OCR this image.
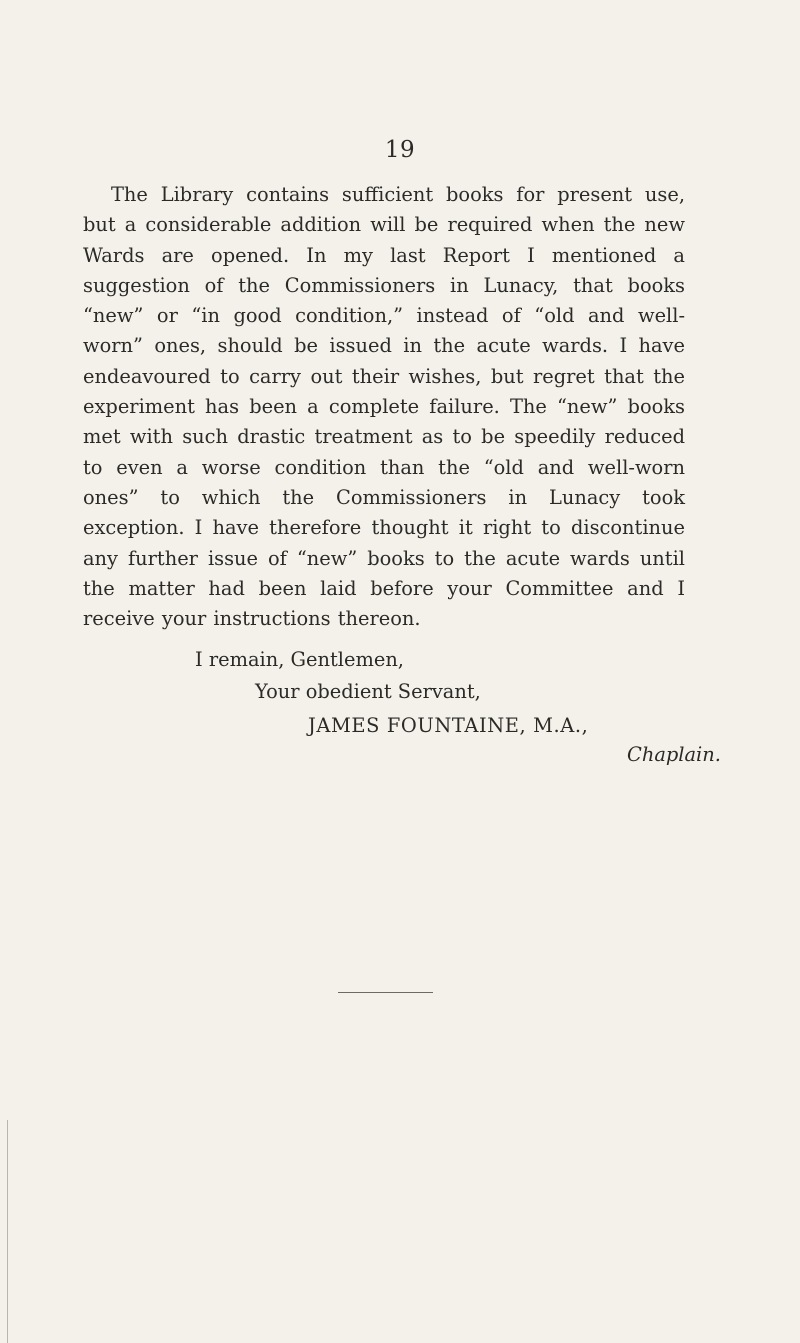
19

The Library contains sufficient books for present use, but a considerable addition will be required when the new Wards are opened. In my last Report I mentioned a suggestion of the Commissioners in Lunacy, that books “new” or “in good condition,” instead of “old and well-worn” ones, should be issued in the acute wards. I have endeavoured to carry out their wishes, but regret that the experiment has been a complete failure. The “new” books met with such drastic treatment as to be speedily reduced to even a worse condition than the “old and well-worn ones” to which the Commissioners in Lunacy took exception. I have therefore thought it right to discontinue any further issue of “new” books to the acute wards until the matter had been laid before your Committee and I receive your instructions thereon.

I remain, Gentlemen,
Your obedient Servant,
JAMES FOUNTAINE, M.A.,
Chaplain.
